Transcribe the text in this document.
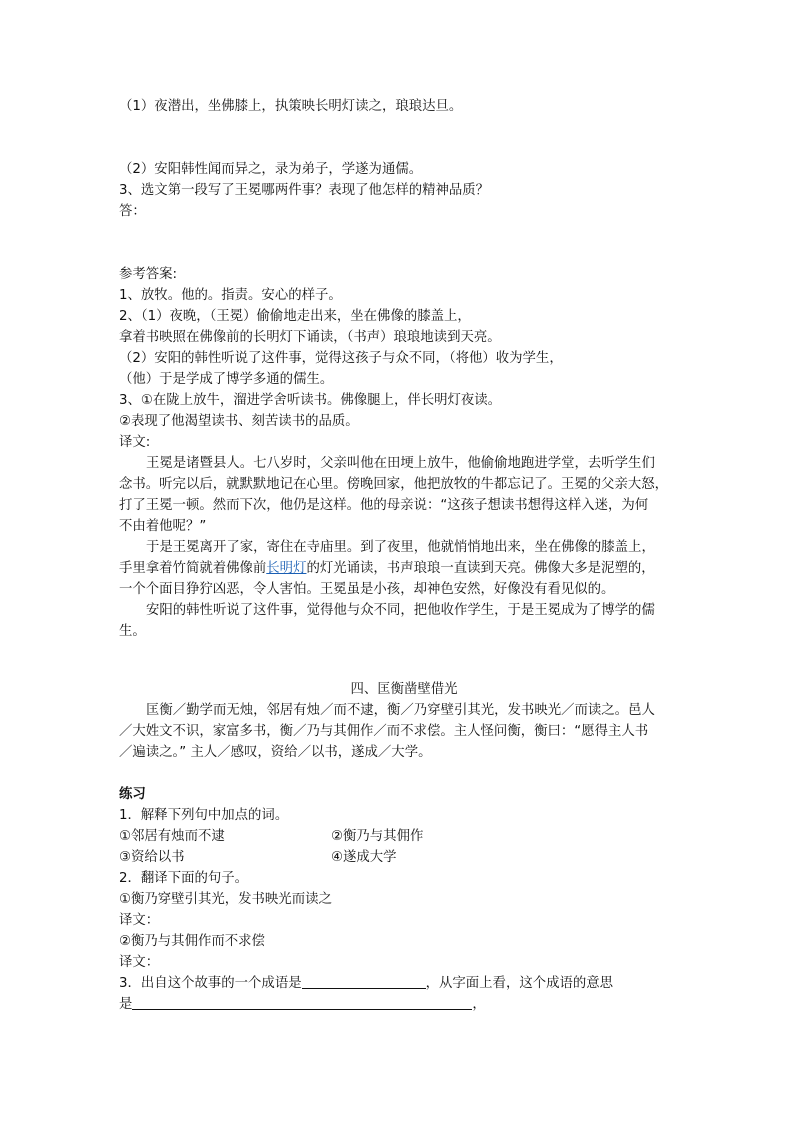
（1）夜潜出，坐佛膝上，执策映长明灯读之，琅琅达旦。
（2）安阳韩性闻而异之，录为弟子，学遂为通儒。
3、选文第一段写了王冕哪两件事？表现了他怎样的精神品质？
答：
参考答案:
1、放牧。他的。指责。安心的样子。
2、（1）夜晚，（王冕）偷偷地走出来，坐在佛像的膝盖上，
拿着书映照在佛像前的长明灯下诵读，（书声）琅琅地读到天亮。
（2）安阳的韩性听说了这件事，觉得这孩子与众不同，（将他）收为学生，
（他）于是学成了博学多通的儒生。
3、①在陇上放牛，溜进学舍听读书。佛像腿上，伴长明灯夜读。
②表现了他渴望读书、刻苦读书的品质。
译文:
王冕是诸暨县人。七八岁时，父亲叫他在田埂上放牛，他偷偷地跑进学堂，去听学生们
念书。听完以后，就默默地记在心里。傍晚回家，他把放牧的牛都忘记了。王冕的父亲大怒，
打了王冕一顿。然而下次，他仍是这样。他的母亲说：“这孩子想读书想得这样入迷，为何
不由着他呢？”
于是王冕离开了家，寄住在寺庙里。到了夜里，他就悄悄地出来，坐在佛像的膝盖上，
手里拿着竹简就着佛像前长明灯的灯光诵读，书声琅琅一直读到天亮。佛像大多是泥塑的，
一个个面目狰狞凶恶，令人害怕。王冕虽是小孩，却神色安然，好像没有看见似的。
安阳的韩性听说了这件事，觉得他与众不同，把他收作学生，于是王冕成为了博学的儒
生。
四、匡衡凿壁借光
匡衡／勤学而无烛，邻居有烛／而不逮，衡／乃穿壁引其光，发书映光／而读之。邑人
／大姓文不识，家富多书，衡／乃与其佣作／而不求偿。主人怪问衡，衡曰：“愿得主人书
／遍读之。” 主人／感叹，资给／以书，遂成／大学。
练习
1．解释下列句中加点的词。
①邻居有烛而不逮	②衡乃与其佣作
③资给以书	④遂成大学
2．翻译下面的句子。
①衡乃穿壁引其光，发书映光而读之
译文：
②衡乃与其佣作而不求偿
译文：
3．出自这个故事的一个成语是	，从字面上看，这个成语的意思
是	，
